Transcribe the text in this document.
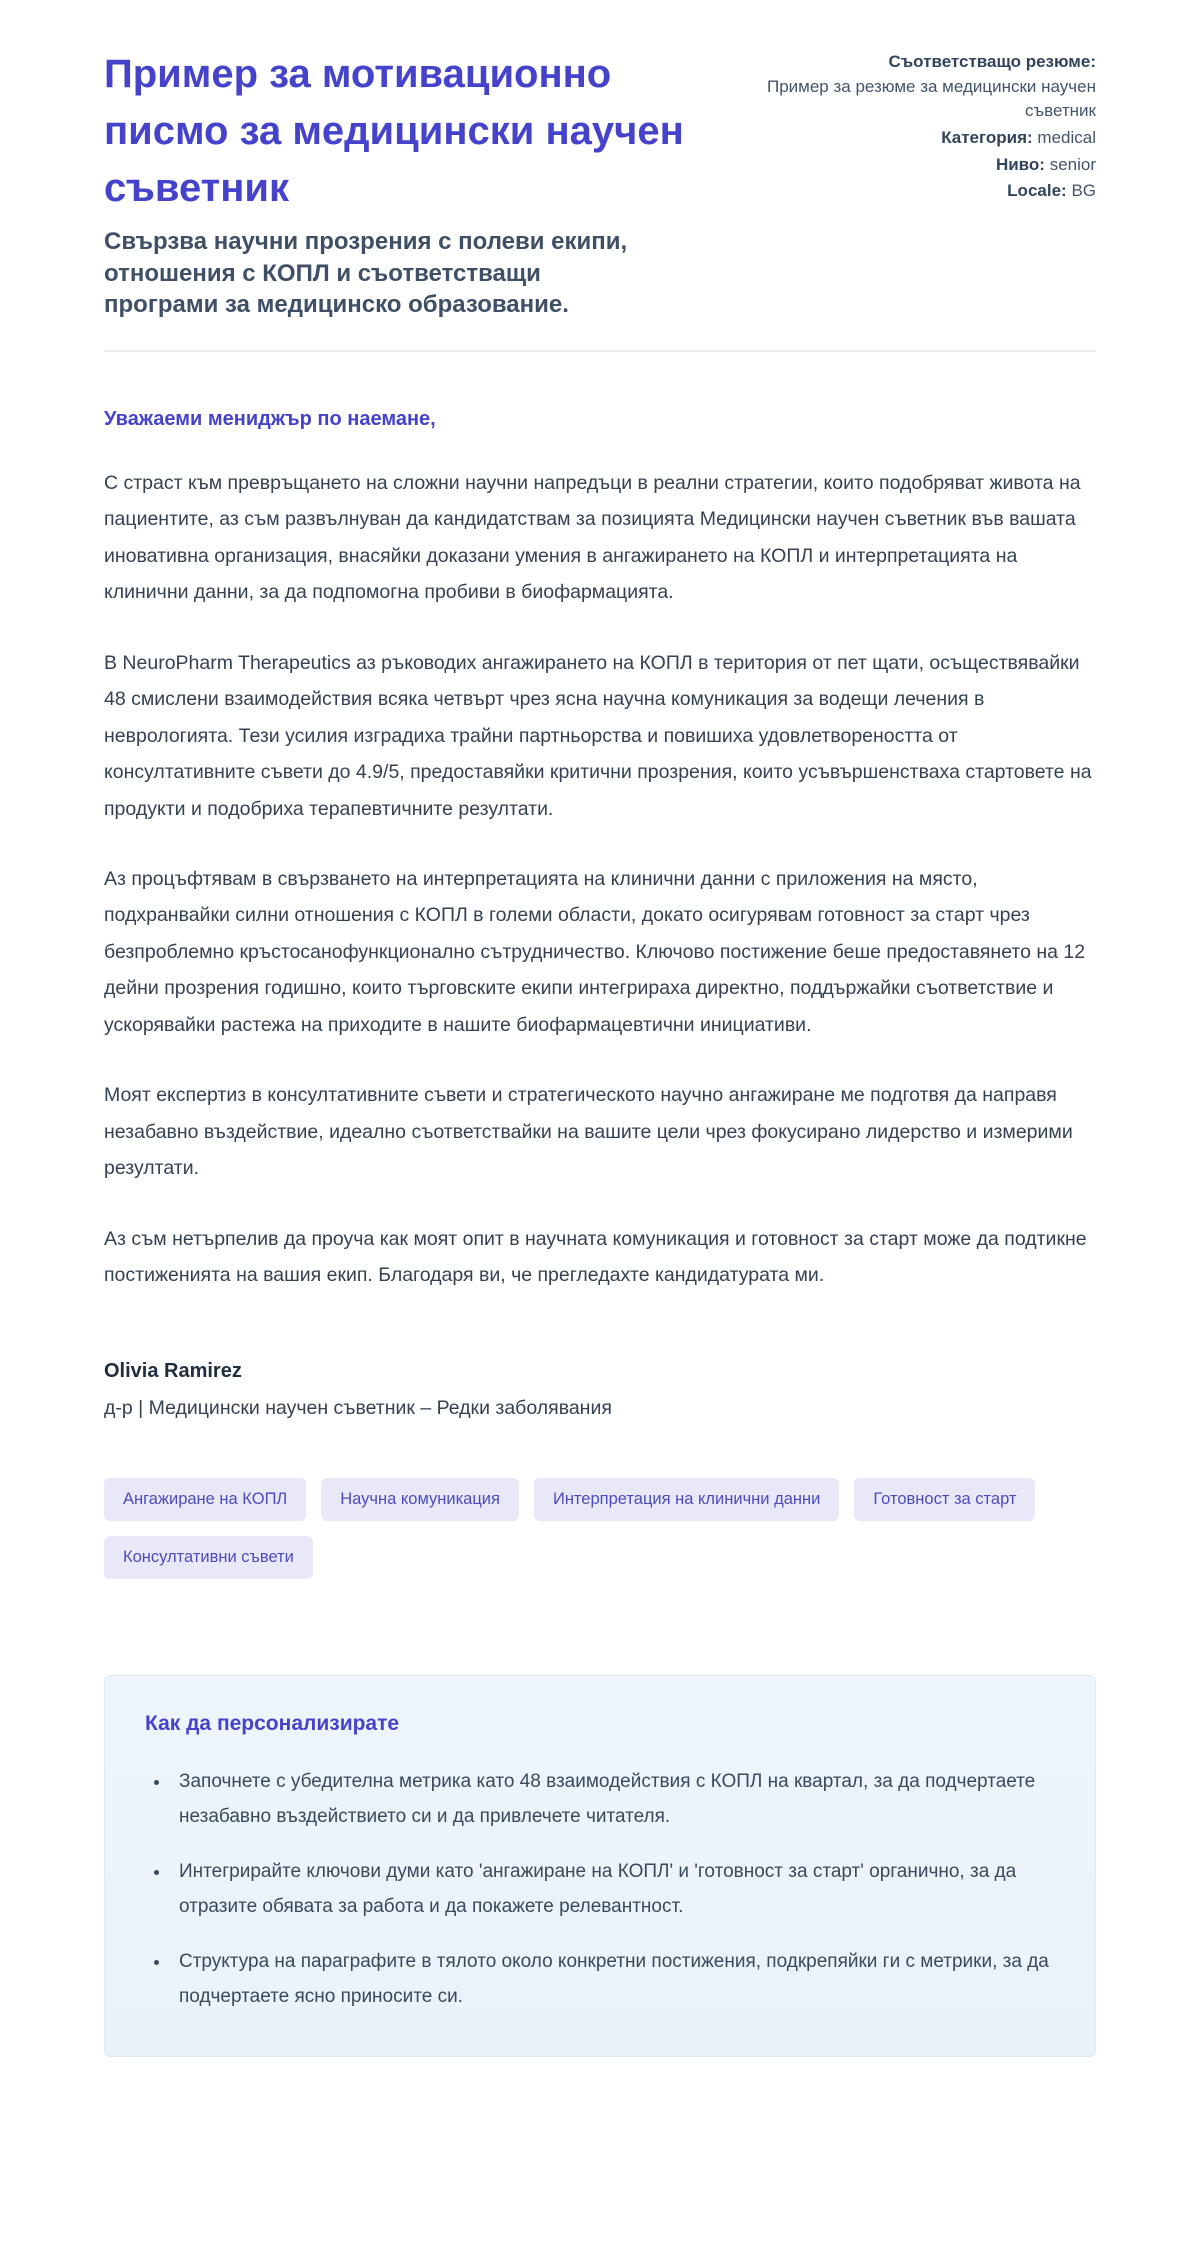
Пример за мотивационно писмо за медицински научен съветник

Свързва научни прозрения с полеви екипи, отношения с КОПЛ и съответстващи програми за медицинско образование.

Съответстващо резюме:
Пример за резюме за медицински научен съветник
Категория: medical
Ниво: senior
Locale: BG

Уважаеми мениджър по наемане,

С страст към превръщането на сложни научни напредъци в реални стратегии, които подобряват живота на пациентите, аз съм развълнуван да кандидатствам за позицията Медицински научен съветник във вашата иновативна организация, внасяйки доказани умения в ангажирането на КОПЛ и интерпретацията на клинични данни, за да подпомогна пробиви в биофармацията.

В NeuroPharm Therapeutics аз ръководих ангажирането на КОПЛ в територия от пет щати, осъществявайки 48 смислени взаимодействия всяка четвърт чрез ясна научна комуникация за водещи лечения в неврологията. Тези усилия изградиха трайни партньорства и повишиха удовлетвореността от консултативните съвети до 4.9/5, предоставяйки критични прозрения, които усъвършенстваха стартовете на продукти и подобриха терапевтичните резултати.

Аз процъфтявам в свързването на интерпретацията на клинични данни с приложения на място, подхранвайки силни отношения с КОПЛ в големи области, докато осигурявам готовност за старт чрез безпроблемно кръстосанофункционално сътрудничество. Ключово постижение беше предоставянето на 12 дейни прозрения годишно, които търговските екипи интегрираха директно, поддържайки съответствие и ускорявайки растежа на приходите в нашите биофармацевтични инициативи.

Моят експертиз в консултативните съвети и стратегическото научно ангажиране ме подготвя да направя незабавно въздействие, идеално съответствайки на вашите цели чрез фокусирано лидерство и измерими резултати.

Аз съм нетърпелив да проуча как моят опит в научната комуникация и готовност за старт може да подтикне постиженията на вашия екип. Благодаря ви, че прегледахте кандидатурата ми.

Olivia Ramirez

д-р | Медицински научен съветник – Редки заболявания

Ангажиране на КОПЛ	Научна комуникация	Интерпретация на клинични данни	Готовност за старт
Консултативни съвети
Как да персонализирате
• Започнете с убедителна метрика като 48 взаимодействия с КОПЛ на квартал, за да подчертаете незабавно въздействието си и да привлечете читателя.
• Интегрирайте ключови думи като 'ангажиране на КОПЛ' и 'готовност за старт' органично, за да отразите обявата за работа и да покажете релевантност.
• Структура на параграфите в тялото около конкретни постижения, подкрепяйки ги с метрики, за да подчертаете ясно приносите си.
